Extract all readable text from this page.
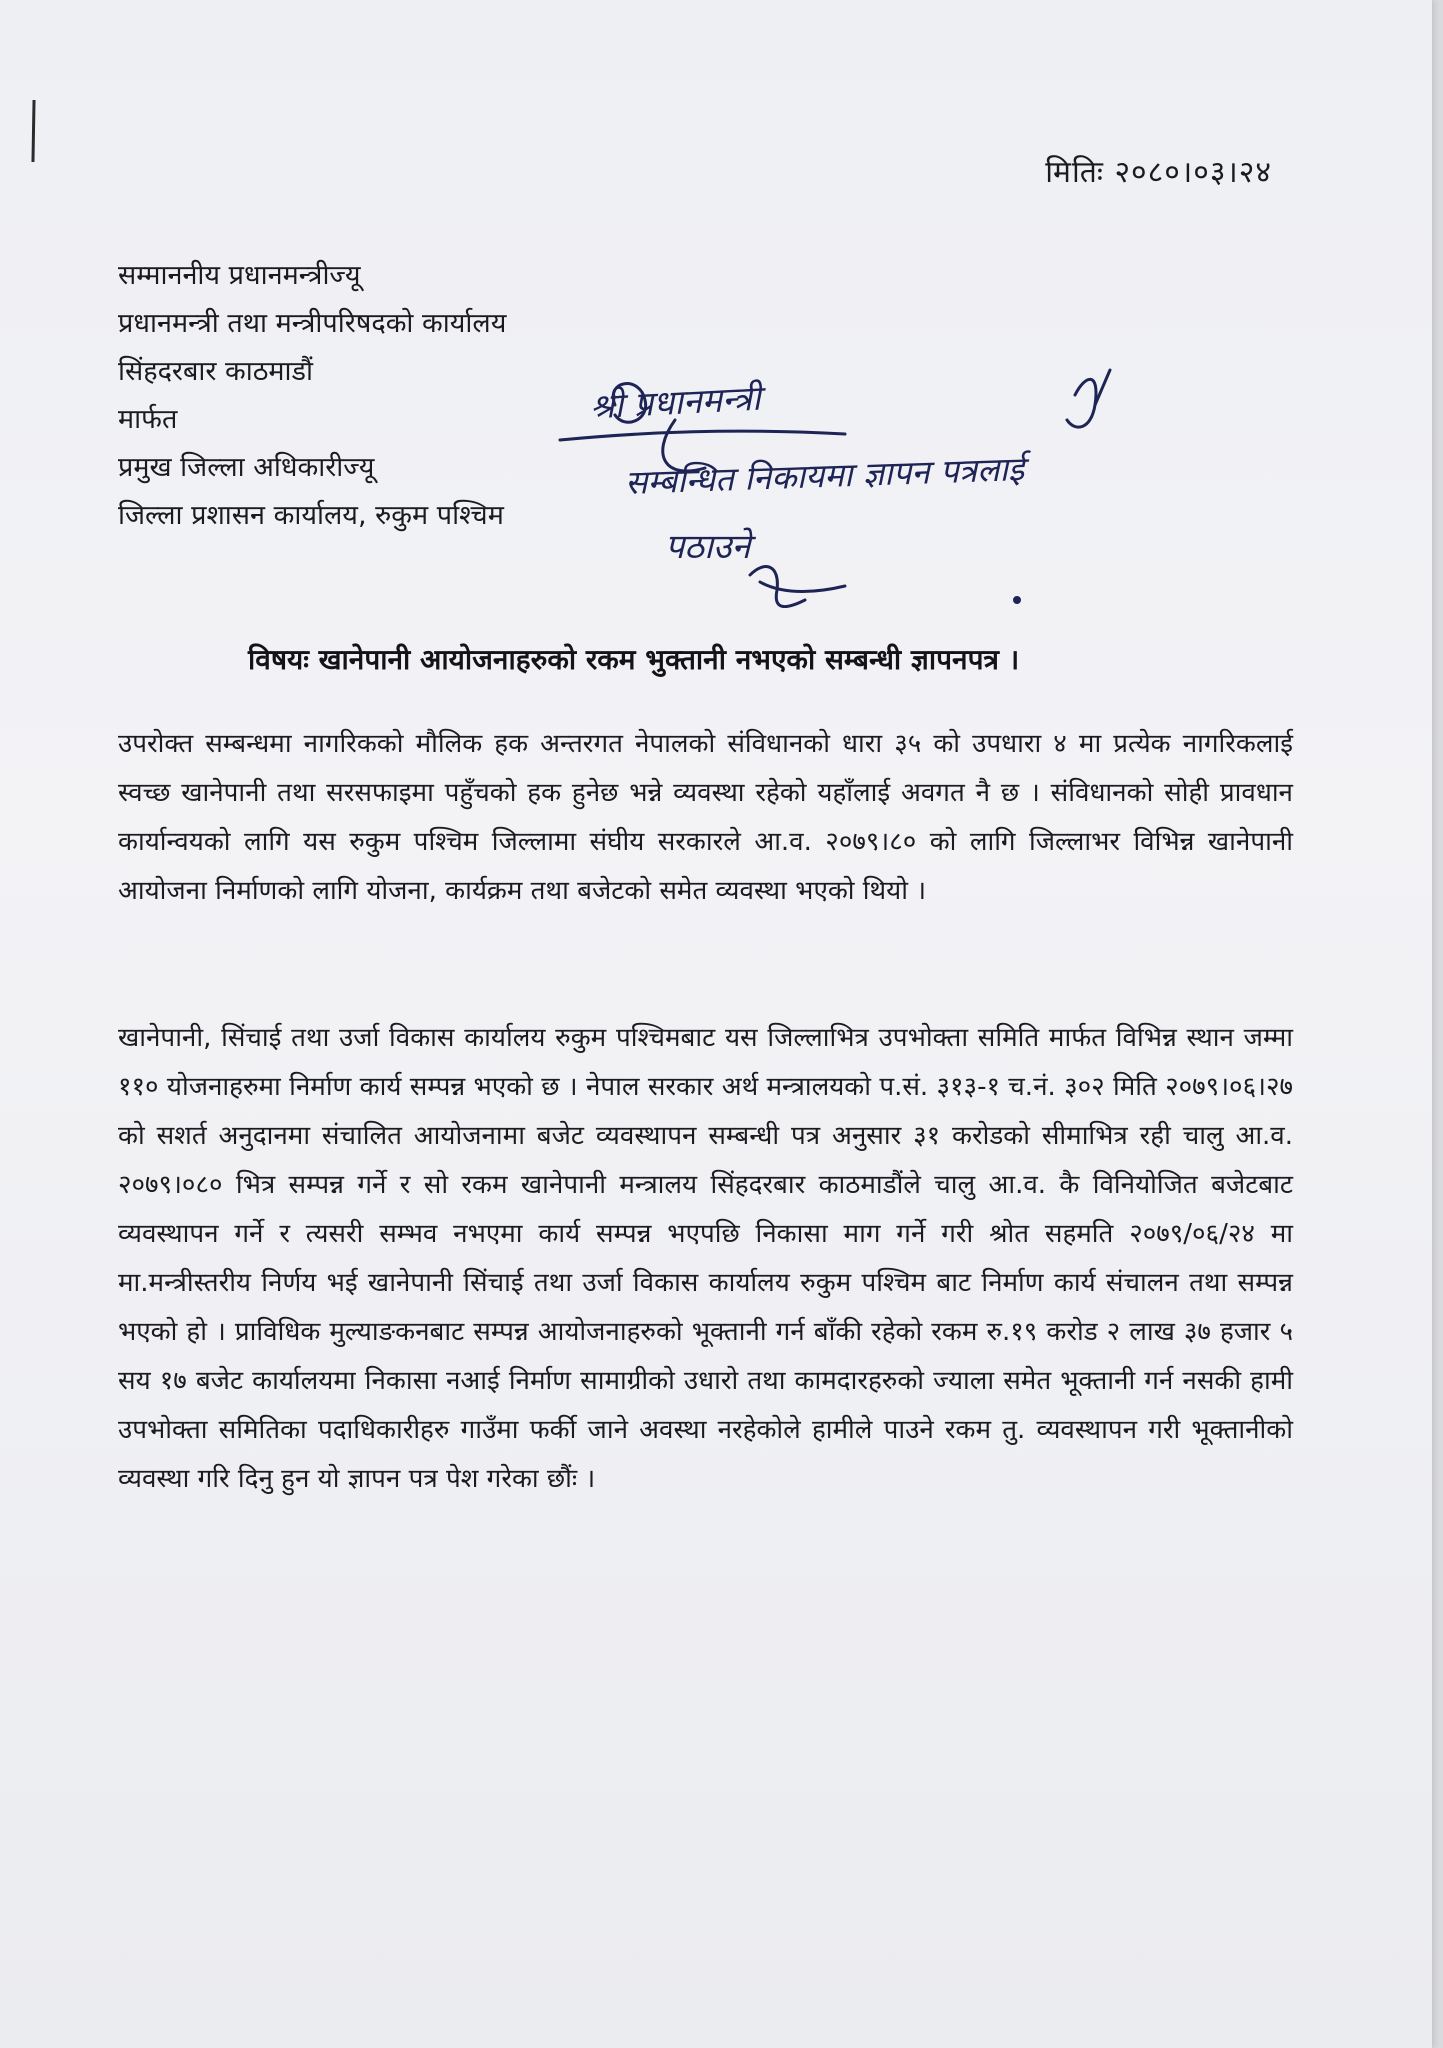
मितिः २०८०।०३।२४
सम्माननीय प्रधानमन्त्रीज्यू
प्रधानमन्त्री तथा मन्त्रीपरिषदको कार्यालय
सिंहदरबार काठमाडौं
मार्फत
प्रमुख जिल्ला अधिकारीज्यू
जिल्ला प्रशासन कार्यालय, रुकुम पश्चिम
श्री प्रधानमन्त्री
सम्बन्धित निकायमा ज्ञापन पत्रलाई
पठाउने
विषयः खानेपानी आयोजनाहरुको रकम भुक्तानी नभएको सम्बन्धी ज्ञापनपत्र ।
उपरोक्त सम्बन्धमा नागरिकको मौलिक हक अन्तरगत नेपालको संविधानको धारा ३५ को उपधारा ४ मा प्रत्येक नागरिकलाई स्वच्छ खानेपानी तथा सरसफाइमा पहुँचको हक हुनेछ भन्ने व्यवस्था रहेको यहाँलाई अवगत नै छ । संविधानको सोही प्रावधान कार्यान्वयको लागि यस रुकुम पश्चिम जिल्लामा संघीय सरकारले आ.व. २०७९।८० को लागि जिल्लाभर विभिन्न खानेपानी आयोजना निर्माणको लागि योजना, कार्यक्रम तथा बजेटको समेत व्यवस्था भएको थियो ।
खानेपानी, सिंचाई तथा उर्जा विकास कार्यालय रुकुम पश्चिमबाट यस जिल्लाभित्र उपभोक्ता समिति मार्फत विभिन्न स्थान जम्मा ११० योजनाहरुमा निर्माण कार्य सम्पन्न भएको छ । नेपाल सरकार अर्थ मन्त्रालयको प.सं. ३१३-१ च.नं. ३०२ मिति २०७९।०६।२७ को सशर्त अनुदानमा संचालित आयोजनामा बजेट व्यवस्थापन सम्बन्धी पत्र अनुसार ३१ करोडको सीमाभित्र रही चालु आ.व. २०७९।०८० भित्र सम्पन्न गर्ने र सो रकम खानेपानी मन्त्रालय सिंहदरबार काठमाडौंले चालु आ.व. कै विनियोजित बजेटबाट व्यवस्थापन गर्ने र त्यसरी सम्भव नभएमा कार्य सम्पन्न भएपछि निकासा माग गर्ने गरी श्रोत सहमति २०७९/०६/२४ मा मा.मन्त्रीस्तरीय निर्णय भई खानेपानी सिंचाई तथा उर्जा विकास कार्यालय रुकुम पश्चिम बाट निर्माण कार्य संचालन तथा सम्पन्न भएको हो । प्राविधिक मुल्याङकनबाट सम्पन्न आयोजनाहरुको भूक्तानी गर्न बाँकी रहेको रकम रु.१९ करोड २ लाख ३७ हजार ५ सय १७ बजेट कार्यालयमा निकासा नआई निर्माण सामाग्रीको उधारो तथा कामदारहरुको ज्याला समेत भूक्तानी गर्न नसकी हामी उपभोक्ता समितिका पदाधिकारीहरु गाउँमा फर्की जाने अवस्था नरहेकोले हामीले पाउने रकम तु. व्यवस्थापन गरी भूक्तानीको व्यवस्था गरि दिनु हुन यो ज्ञापन पत्र पेश गरेका छौंः ।
